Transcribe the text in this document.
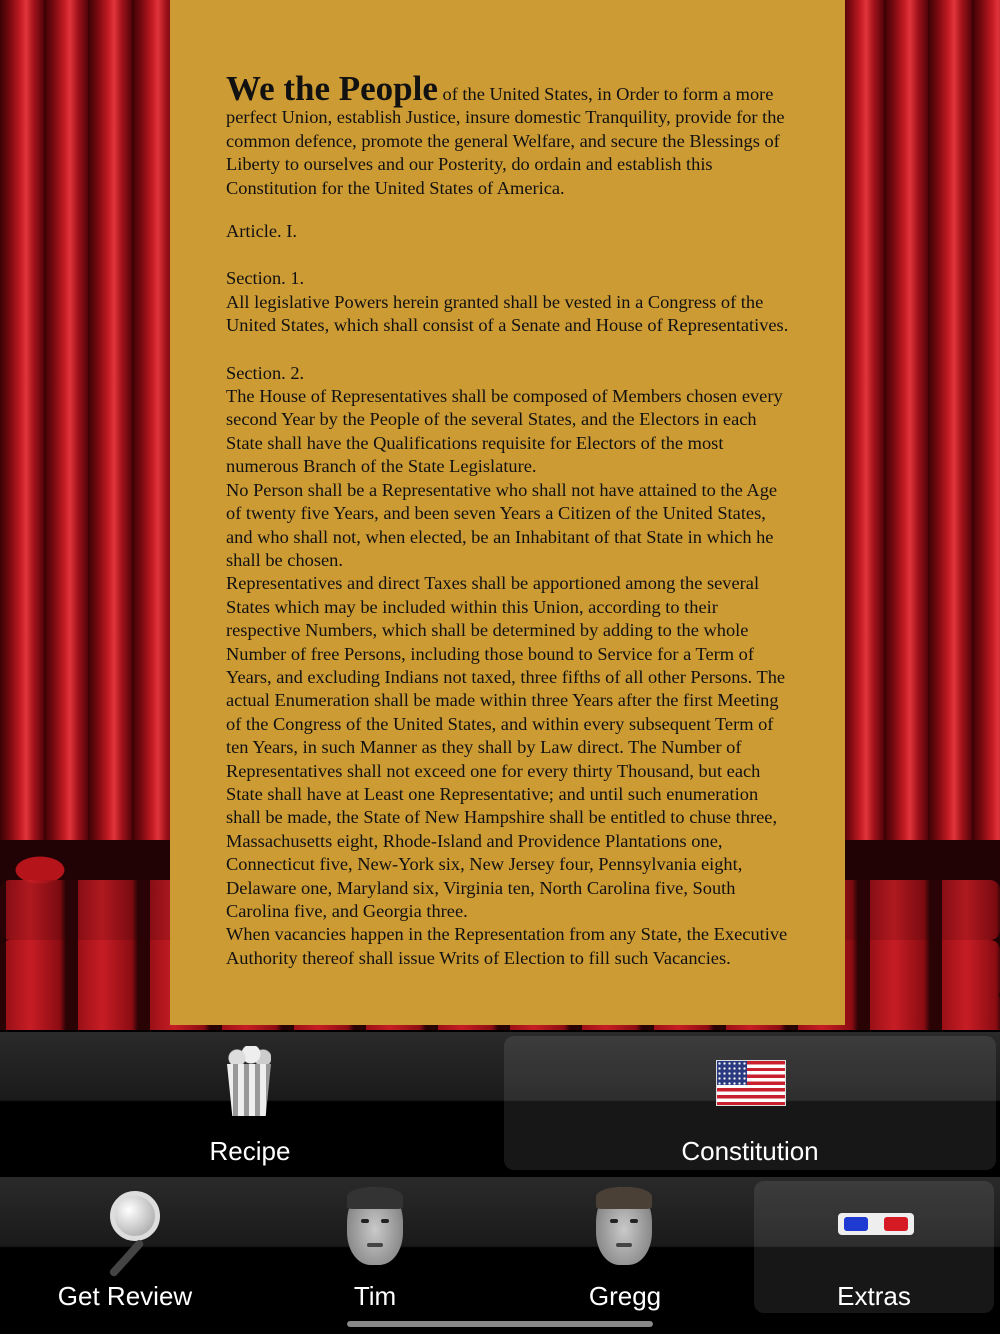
We the People of the United States, in Order to form a more perfect Union, establish Justice, insure domestic Tranquility, provide for the common defence, promote the general Welfare, and secure the Blessings of Liberty to ourselves and our Posterity, do ordain and establish this Constitution for the United States of America.

Article. I.

Section. 1.

All legislative Powers herein granted shall be vested in a Congress of the United States, which shall consist of a Senate and House of Representatives.

Section. 2.

The House of Representatives shall be composed of Members chosen every second Year by the People of the several States, and the Electors in each State shall have the Qualifications requisite for Electors of the most numerous Branch of the State Legislature.

No Person shall be a Representative who shall not have attained to the Age of twenty five Years, and been seven Years a Citizen of the United States, and who shall not, when elected, be an Inhabitant of that State in which he shall be chosen.

Representatives and direct Taxes shall be apportioned among the several States which may be included within this Union, according to their respective Numbers, which shall be determined by adding to the whole Number of free Persons, including those bound to Service for a Term of Years, and excluding Indians not taxed, three fifths of all other Persons. The actual Enumeration shall be made within three Years after the first Meeting of the Congress of the United States, and within every subsequent Term of ten Years, in such Manner as they shall by Law direct. The Number of Representatives shall not exceed one for every thirty Thousand, but each State shall have at Least one Representative; and until such enumeration shall be made, the State of New Hampshire shall be entitled to chuse three, Massachusetts eight, Rhode-Island and Providence Plantations one, Connecticut five, New-York six, New Jersey four, Pennsylvania eight, Delaware one, Maryland six, Virginia ten, North Carolina five, South Carolina five, and Georgia three.

When vacancies happen in the Representation from any State, the Executive Authority thereof shall issue Writs of Election to fill such Vacancies.

Recipe	Constitution
Get Review	Tim	Gregg	Extras
